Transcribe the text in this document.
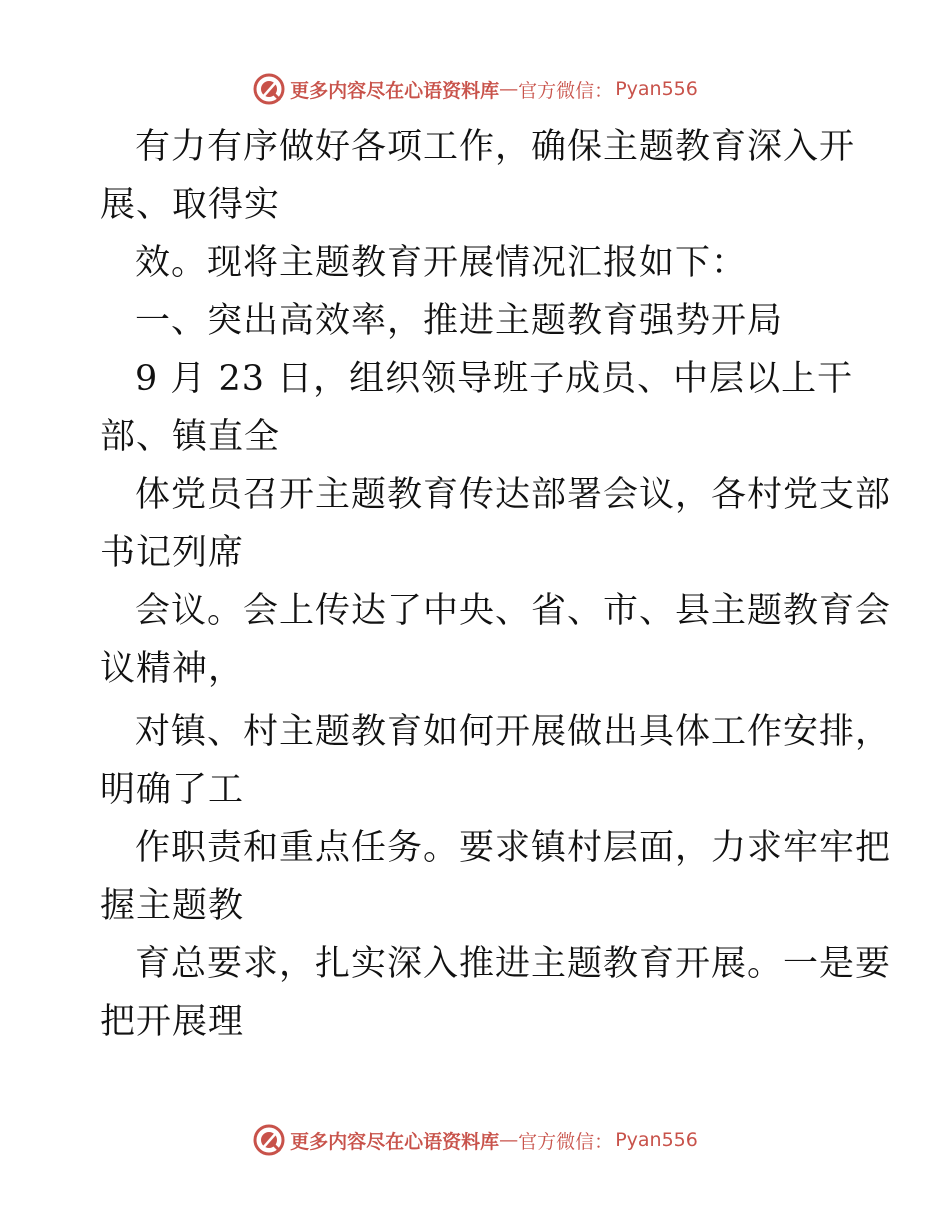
更多内容尽在心语资料库 — 官方微信： Pyan556
有力有序做好各项工作，确保主题教育深入开
展、取得实
效。现将主题教育开展情况汇报如下：
一、突出高效率，推进主题教育强势开局
9 月 23 日，组织领导班子成员、中层以上干
部、镇直全
体党员召开主题教育传达部署会议，各村党支部
书记列席
会议。会上传达了中央、省、市、县主题教育会
议精神，
对镇、村主题教育如何开展做出具体工作安排，
明确了工
作职责和重点任务。要求镇村层面，力求牢牢把
握主题教
育总要求，扎实深入推进主题教育开展。一是要
把开展理
更多内容尽在心语资料库 — 官方微信： Pyan556
